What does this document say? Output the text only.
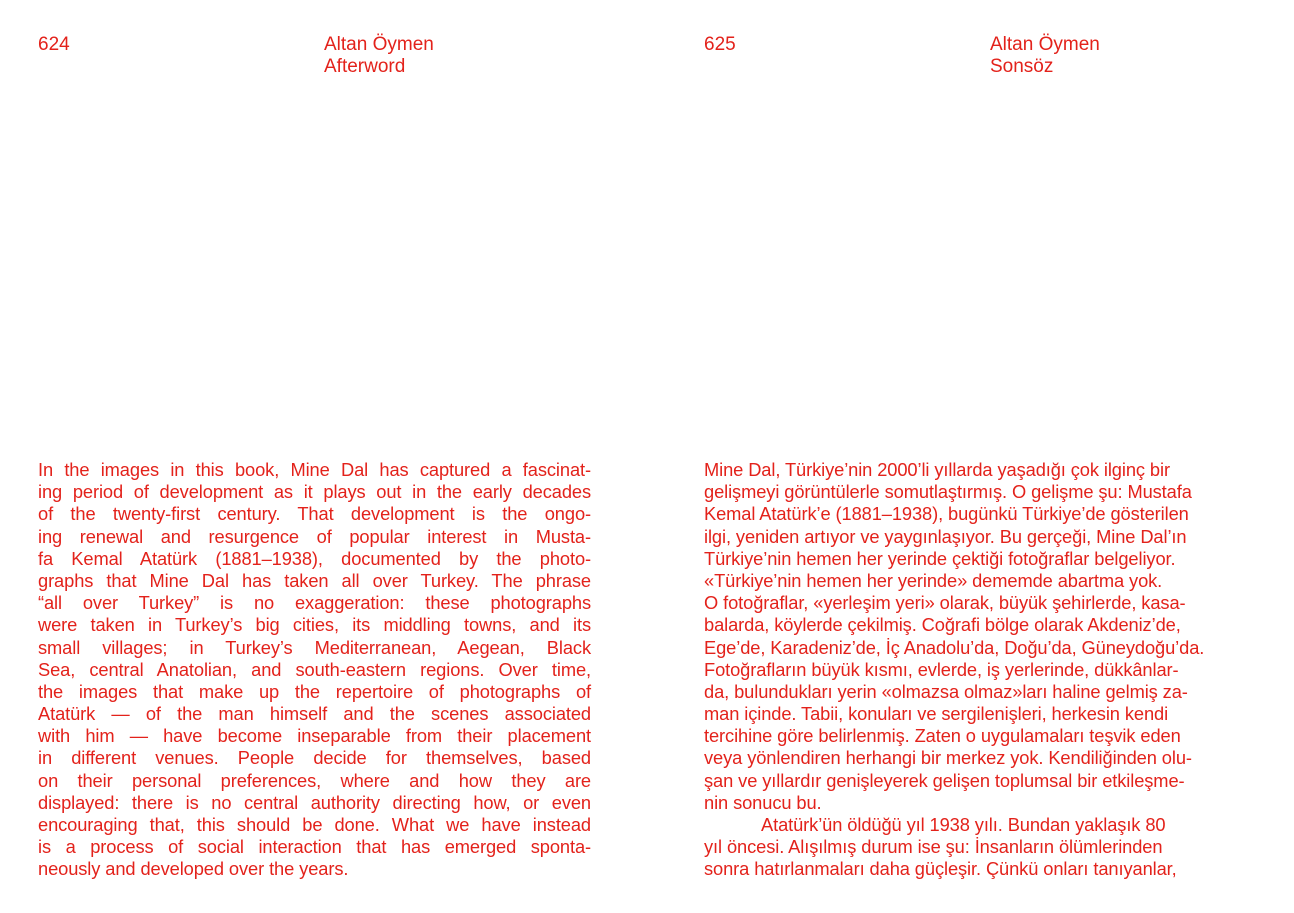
624	Altan Öymen
Afterword
In the images in this book, Mine Dal has captured a fascinat-
ing period of development as it plays out in the early decades
of the twenty-first century. That development is the ongo-
ing renewal and resurgence of popular interest in Musta-
fa Kemal Atatürk (1881–1938), documented by the photo-
graphs that Mine Dal has taken all over Turkey. The phrase
“all over Turkey” is no exaggeration: these photographs
were taken in Turkey’s big cities, its middling towns, and its
small villages; in Turkey’s Mediterranean, Aegean, Black
Sea, central Anatolian, and south-eastern regions. Over time,
the images that make up the repertoire of photographs of
Atatürk — of the man himself and the scenes associated
with him — have become inseparable from their placement
in different venues. People decide for themselves, based
on their personal preferences, where and how they are
displayed: there is no central authority directing how, or even
encouraging that, this should be done. What we have instead
is a process of social interaction that has emerged sponta-
neously and developed over the years.
625	Altan Öymen
Sonsöz
Mine Dal, Türkiye’nin 2000’li yıllarda yaşadığı çok ilginç bir
gelişmeyi görüntülerle somutlaştırmış. O gelişme şu: Mustafa
Kemal Atatürk’e (1881–1938), bugünkü Türkiye’de gösterilen
ilgi, yeniden artıyor ve yaygınlaşıyor. Bu gerçeği, Mine Dal’ın
Türkiye’nin hemen her yerinde çektiği fotoğraflar belgeliyor.
«Türkiye’nin hemen her yerinde» dememde abartma yok.
O fotoğraflar, «yerleşim yeri» olarak, büyük şehirlerde, kasa-
balarda, köylerde çekilmiş. Coğrafi bölge olarak Akdeniz’de,
Ege’de, Karadeniz’de, İç Anadolu’da, Doğu’da, Güneydoğu’da.
Fotoğrafların büyük kısmı, evlerde, iş yerlerinde, dükkânlar-
da, bulundukları yerin «olmazsa olmaz»ları haline gelmiş za-
man içinde. Tabii, konuları ve sergilenişleri, herkesin kendi
tercihine göre belirlenmiş. Zaten o uygulamaları teşvik eden
veya yönlendiren herhangi bir merkez yok. Kendiliğinden olu-
şan ve yıllardır genişleyerek gelişen toplumsal bir etkileşme-
nin sonucu bu.
Atatürk’ün öldüğü yıl 1938 yılı. Bundan yaklaşık 80
yıl öncesi. Alışılmış durum ise şu: İnsanların ölümlerinden
sonra hatırlanmaları daha güçleşir. Çünkü onları tanıyanlar,
